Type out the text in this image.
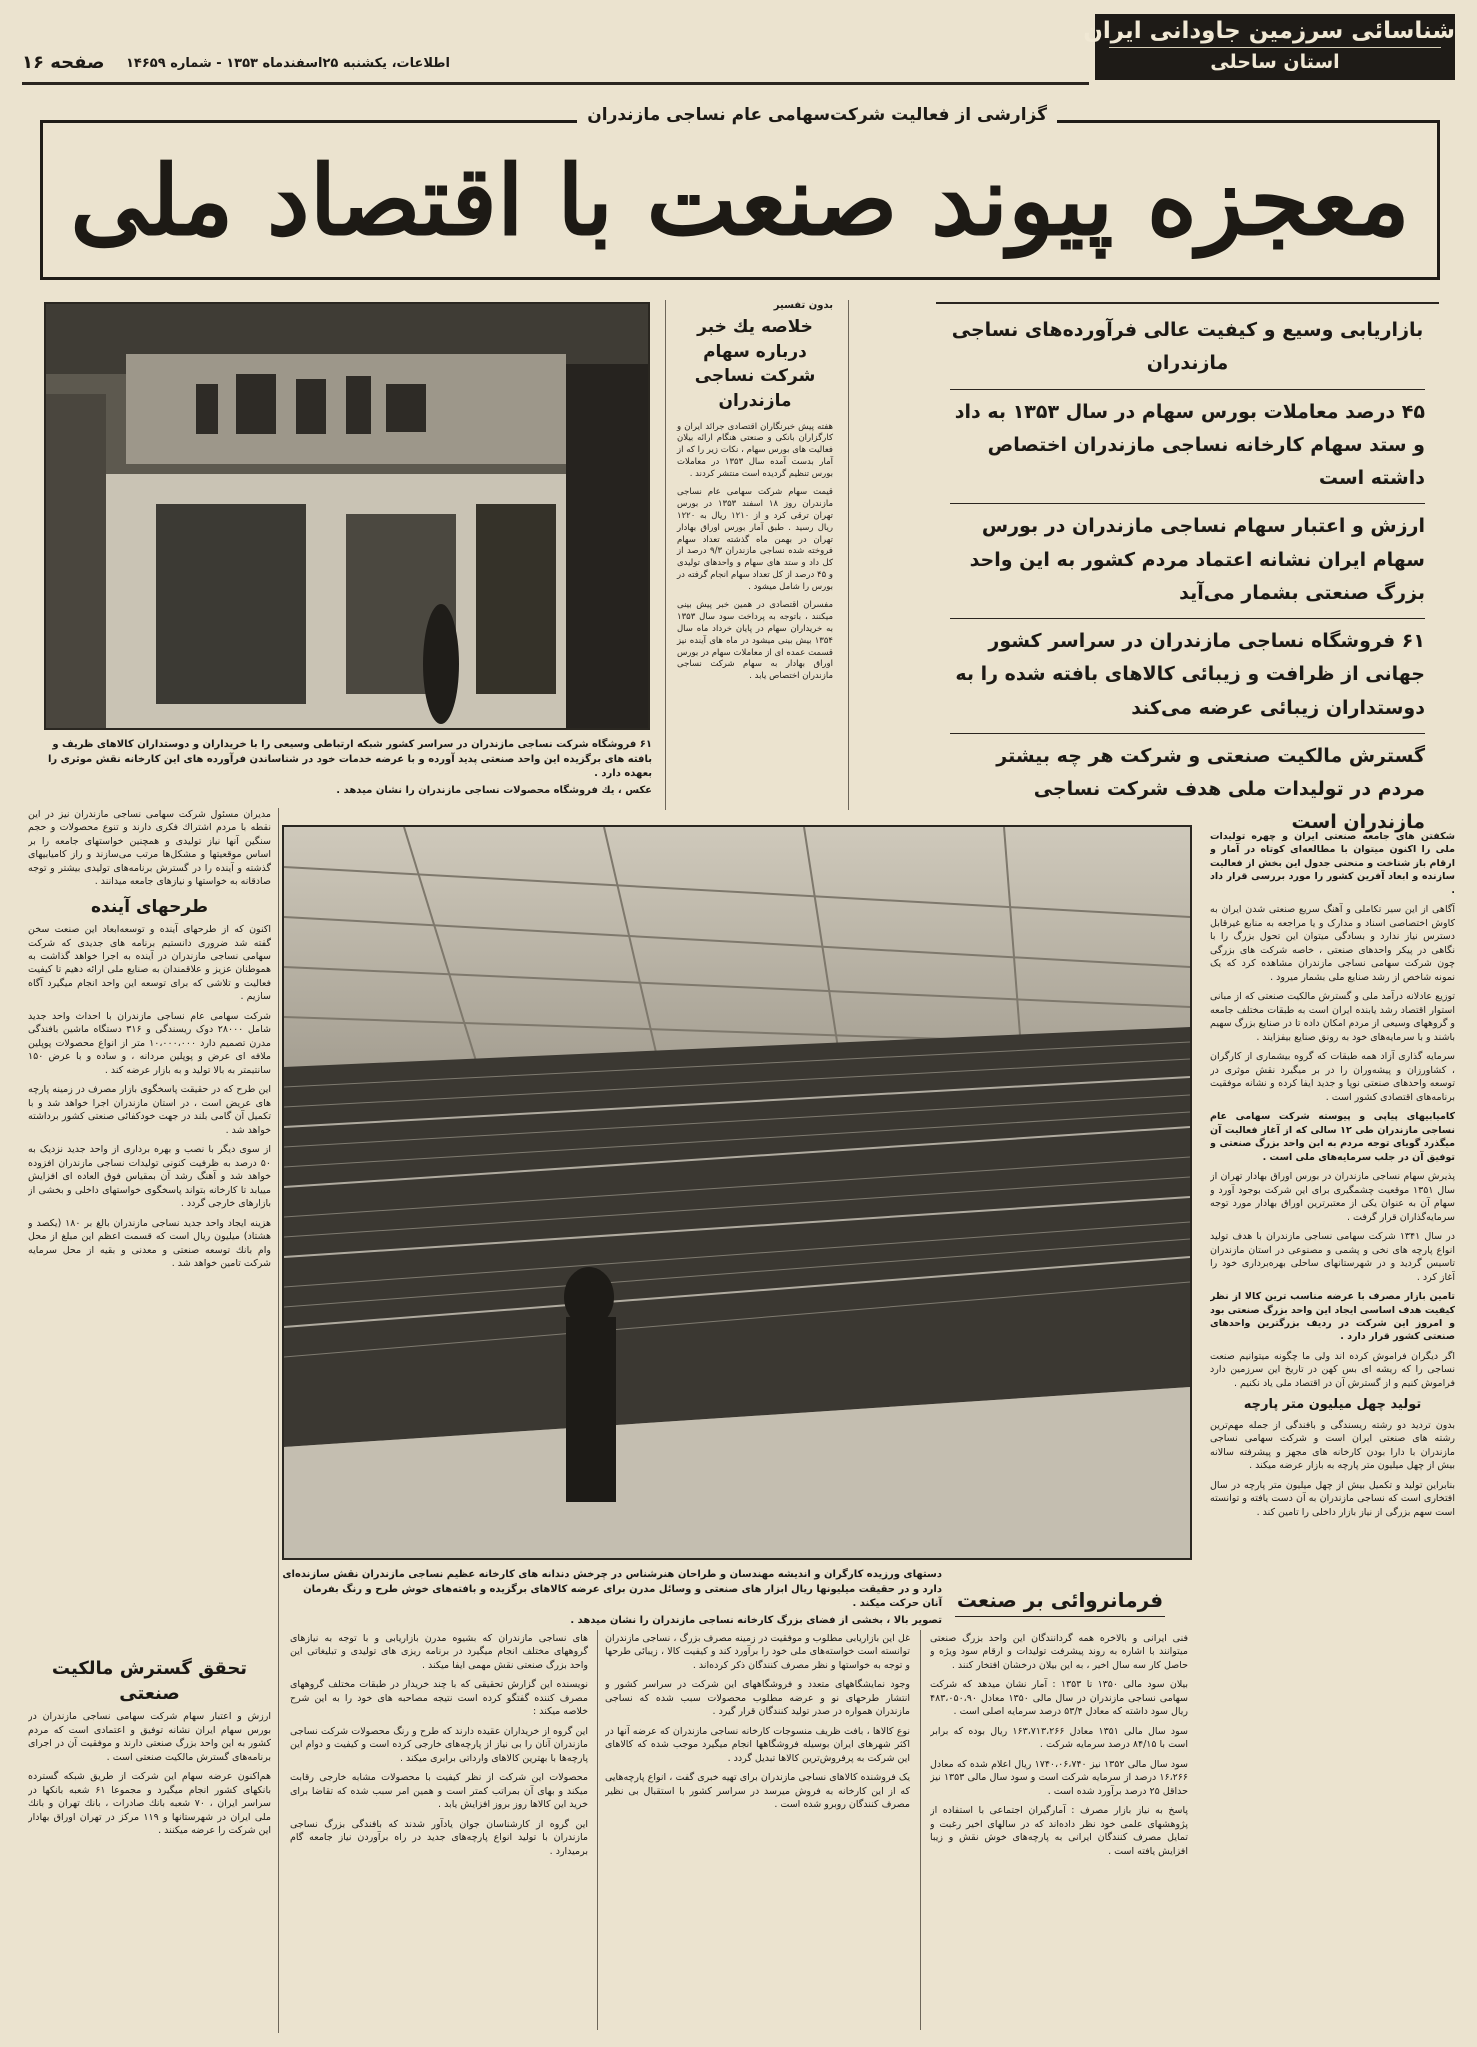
شناسائی سرزمین جاودانی ایران
استان ساحلی
صفحه ۱۶ اطلاعات، یکشنبه ۲۵اسفندماه ۱۳۵۳ - شماره ۱۴۶۵۹
گزارشی از فعالیت شرکت‌سهامی عام نساجی مازندران
معجزه پیوند صنعت با اقتصاد ملی
بدون تفسیر
خلاصه یك خبر درباره سهام شرکت نساجی مازندران

هفته پیش خبرنگاران اقتصادی جرائد ایران و کارگزاران بانکی و صنعتی هنگام ارائه بیلان فعالیت های بورس سهام ، نکات زیر را که از آمار بدست آمده سال ۱۳۵۳ در معاملات بورس تنظیم گردیده است منتشر کردند .

قیمت سهام شرکت سهامی عام نساجی مازندران روز ۱۸ اسفند ۱۳۵۳ در بورس تهران ترقی کرد و از ۱۲۱۰ ریال به ۱۲۲۰ ریال رسید . طبق آمار بورس اوراق بهادار تهران در بهمن ماه گذشته تعداد سهام فروخته شده نساجی مازندران ۹/۳ درصد از کل داد و ستد های سهام و واحدهای تولیدی و ۴۵ درصد از کل تعداد سهام انجام گرفته در بورس را شامل میشود .

مفسران اقتصادی در همین خبر پیش بینی میکنند ، باتوجه به پرداخت سود سال ۱۳۵۳ به خریداران سهام در پایان خرداد ماه سال ۱۳۵۴ بیش بینی میشود در ماه های آینده نیز قسمت عمده ای از معاملات سهام در بورس اوراق بهادار به سهام شرکت نساجی مازندران اختصاص یابد .

بازاریابی وسیع و کیفیت عالی فرآورده‌های نساجی مازندران
۴۵ درصد معاملات بورس سهام در سال ۱۳۵۳ به داد و ستد سهام کارخانه نساجی مازندران اختصاص داشته است
ارزش و اعتبار سهام نساجی مازندران در بورس سهام ایران نشانه اعتماد مردم کشور به این واحد بزرگ صنعتی بشمار می‌آید
۶۱ فروشگاه نساجی مازندران در سراسر کشور جهانی از ظرافت و زیبائی کالاهای بافته شده را به دوستداران زیبائی عرضه می‌کند
گسترش مالکیت صنعتی و شرکت هر چه بیشتر مردم در تولیدات ملی هدف شرکت نساجی مازندران است
۶۱ فروشگاه شرکت نساجی مازندران در سراسر کشور شبکه ارتباطی وسیعی را با خریداران و دوستداران کالاهای ظریف و بافته های برگزیده این واحد صنعتی پدید آورده و با عرضه خدمات خود در شناساندن فرآورده های این کارخانه نقش موثری را بعهده دارد .
عکس ، یك فروشگاه محصولات نساجی مازندران را نشان میدهد .

مدیران مسئول شرکت سهامی نساجی مازندران نیز در این نقطه با مردم اشتراك فكری دارند و تنوع محصولات و حجم سنگین آنها نیاز تولیدی و همچنین خواستهای جامعه را بر اساس موقعیتها و مشكل‌ها مرتب می‌سازند و راز کامیابیهای گذشته و آینده را در گسترش برنامه‌های تولیدی بیشتر و توجه صادقانه به خواستها و نیازهای جامعه میدانند .

طرحهای آینده

اکنون که از طرحهای آینده و توسعه‌ابعاد این صنعت سخن گفته شد ضروری دانستیم برنامه های جدیدی که شرکت سهامی نساجی مازندران در آینده به اجرا خواهد گذاشت به هموطنان عزیز و علاقمندان به صنایع ملی ارائه دهیم تا کیفیت فعالیت و تلاشی که برای توسعه این واحد انجام میگیرد آگاه سازیم .

شرکت سهامی عام نساجی مازندران با احداث واحد جدید شامل ۲۸۰۰۰ دوک ریسندگی و ۳۱۶ دستگاه ماشین بافندگی مدرن تصمیم دارد ۱۰،۰۰۰،۰۰۰ متر از انواع محصولات پوپلین ملافه ای عرض و پوپلین مردانه ، و ساده و با عرض ۱۵۰ سانتیمتر به بالا تولید و به بازار عرضه کند .

این طرح که در حقیقت پاسخگوی بازار مصرف در زمینه پارچه های عریض است ، در استان مازندران اجرا خواهد شد و با تكميل آن گامی بلند در جهت خودکفائی صنعتی کشور برداشته خواهد شد .

از سوی دیگر با نصب و بهره برداری از واحد جدید نزدیک به ۵۰ درصد به ظرفیت کنونی تولیدات نساجی مازندران افزوده خواهد شد و آهنگ رشد آن بمقیاس فوق العاده ای افزایش مییابد تا کارخانه بتواند پاسخگوی خواستهای داخلی و بخشی از بازارهای خارجی گردد .

هزینه ایجاد واحد جدید نساجی مازندران بالغ بر ۱۸۰ (یکصد و هشتاد) میلیون ریال است که قسمت اعظم این مبلغ از محل وام بانك توسعه صنعتی و معدنی و بقیه از محل سرمایه شركت تامین خواهد شد .

تحقق گسترش مالکیت صنعتی

ارزش و اعتبار سهام شرکت سهامی نساجی مازندران در بورس سهام ایران نشانه توفیق و اعتمادی است که مردم کشور به این واحد بزرگ صنعتی دارند و موفقیت آن در اجرای برنامه‌های گسترش مالکیت صنعتی است .

هم‌اکنون عرضه سهام این شرکت از طریق شبکه گسترده بانکهای کشور انجام میگیرد و مجموعا ۶۱ شعبه بانکها در سراسر ایران ، ۷۰ شعبه بانك صادرات ، بانك تهران و بانك ملی ایران در شهرستانها و ۱۱۹ مرکز در تهران اوراق بهادار این شرکت را عرضه میکنند .

دستهای ورزیده کارگران و اندیشه مهندسان و طراحان هنرشناس در چرخش دندانه های کارخانه عظیم نساجی مازندران نقش سازنده‌ای دارد و در حقیقت میلیونها ریال ابزار های صنعتی و وسائل مدرن برای عرضه کالاهای برگزیده و بافته‌های خوش طرح و رنگ بفرمان آنان حرکت میکند .
تصویر بالا ، بخشی از فضای بزرگ کارخانه نساجی مازندران را نشان میدهد .
فرمانروائی بر صنعت

شکفتن های جامعه صنعتی ایران و چهره تولیدات ملی را اکنون میتوان با مطالعه‌ای کوتاه در آمار و ارقام باز شناخت و منحنی جدول این بخش از فعالیت سازنده و ابعاد آفرین کشور را مورد بررسی قرار داد .

آگاهی از این سیر تکاملی و آهنگ سریع صنعتی شدن ایران به کاوش اختصاصی اسناد و مدارک و یا مراجعه به منابع غیرقابل دسترس نیاز ندارد و بسادگی میتوان این تحول بزرگ را با نگاهی در پیکر واحدهای صنعتی ، خاصه شرکت های بزرگی چون شرکت سهامی نساجی مازندران مشاهده کرد که یک نمونه شاخص از رشد صنایع ملی بشمار میرود .

توزیع عادلانه درآمد ملی و گسترش مالکیت صنعتی که از مبانی استوار اقتصاد رشد یابنده ایران است به طبقات مختلف جامعه و گروههای وسیعی از مردم امکان داده تا در صنایع بزرگ سهیم باشند و با سرمایه‌های خود به رونق صنایع بیفزایند .

سرمایه گذاری آزاد همه طبقات که گروه بیشماری از کارگران ، کشاورزان و پیشه‌وران را در بر میگیرد نقش موثری در توسعه واحدهای صنعتی نوپا و جدید ایفا کرده و نشانه موفقیت برنامه‌های اقتصادی کشور است .

کامیابیهای پیاپی و پیوسته شرکت سهامی عام نساجی مازندران طی ۱۲ سالی که از آغاز فعالیت آن میگذرد گویای توجه مردم به این واحد بزرگ صنعتی و توفیق آن در جلب سرمایه‌های ملی است .

پذیرش سهام نساجی مازندران در بورس اوراق بهادار تهران از سال ۱۳۵۱ موقعیت‌ چشمگیری برای این شرکت بوجود آورد و سهام آن به عنوان یکی از معتبرترین اوراق بهادار مورد توجه سرمایه‌گذاران قرار گرفت .

در سال ۱۳۴۱ شرکت سهامی نساجی مازندران با هدف تولید انواع پارچه های نخی و پشمی و مصنوعی در استان مازندران تاسیس گردید و در شهرستانهای ساحلی بهره‌برداری خود را آغاز کرد .

تامین بازار مصرف با عرضه مناسب ترین کالا از نظر کیفیت هدف اساسی ایجاد این واحد بزرگ صنعتی بود و امروز این شرکت در ردیف بزرگترین واحدهای صنعتی کشور قرار دارد .

اگر دیگران فراموش کرده اند ولی ما چگونه میتوانیم صنعت نساجی را که ریشه ای بس کهن در تاریخ این سرزمین دارد فراموش کنیم و از گسترش آن در اقتصاد ملی یاد نکنیم .

تولید چهل میلیون متر پارچه

بدون تردید دو رشته ریسندگی و بافندگی از جمله مهم‌ترین رشته های صنعتی ایران است و شرکت سهامی نساجی مازندران با دارا بودن کارخانه های مجهز و پیشرفته سالانه بیش از چهل میلیون متر پارچه به بازار عرضه میکند .

بنابراین تولید و تکمیل بیش از چهل میلیون متر پارچه در سال افتخاری است که نساجی مازندران به آن دست یافته و توانسته است سهم بزرگی از نیاز بازار داخلی را تامین کند .

فنی ایرانی و بالاخره همه گردانندگان این واحد بزرگ صنعتی میتوانند با اشاره به روند پیشرفت تولیدات و ارقام سود ویژه و حاصل کار سه سال اخیر ، به این بیلان درخشان افتخار کنند .

بیلان سود مالی ۱۳۵۰ تا ۱۳۵۳ : آمار نشان میدهد که شرکت سهامی نساجی مازندران در سال مالی ۱۳۵۰ معادل ۴۸۳،۰۵۰،۹۰ ریال سود داشته که معادل ۵۳/۴ درصد سرمایه اصلی است .

سود سال مالی ۱۳۵۱ معادل ۱۶۳،۷۱۳،۲۶۶ ریال بوده که برابر است با ۸۴/۱۵ درصد سرمایه شرکت .

سود سال مالی ۱۳۵۲ نیز ۱۷۴۰،۰۶،۷۴۰ ریال اعلام شده که معادل ۱۶،۲۶۶ درصد از سرمایه شرکت است و سود سال مالی ۱۳۵۳ نیز حداقل ۲۵ درصد برآورد شده است .

پاسخ به نیاز بازار مصرف : آمارگیران اجتماعی با استفاده از پژوهشهای علمی خود نظر داده‌اند که در سالهای اخیر رغبت و تمایل مصرف کنندگان ایرانی به پارچه‌های خوش نقش و زیبا افزایش یافته است .

غل این بازاریابی مطلوب و موفقیت در زمینه مصرف بزرگ ، نساجی مازندران توانسته است خواسته‌های ملی خود را برآورد کند و کیفیت کالا ، زیبائی طرحها و توجه به خواستها و نظر مصرف کنندگان ذكر كرده‌اند .

وجود نمایشگاههای متعدد و فروشگاههای این شرکت در سراسر کشور و انتشار طرحهای نو و عرضه مطلوب محصولات سبب شده که نساجی مازندران همواره در صدر تولید کنندگان قرار گیرد .

نوع کالاها ، بافت ظریف منسوجات کارخانه نساجی مازندران که عرضه آنها در اکثر شهرهای ایران بوسیله فروشگاهها انجام میگیرد موجب شده که کالاهای این شرکت به پرفروش‌ترین کالاها تبدیل گردد .

یک فروشنده کالاهای نساجی مازندران برای تهیه خبری گفت ، انواع پارچه‌هایی که از این کارخانه به فروش میرسد در سراسر کشور با استقبال بی نظیر مصرف کنندگان روبرو شده است .

های نساجی مازندران که بشیوه مدرن بازاریابی و با توجه به نیازهای گروههای مختلف انجام میگیرد در برنامه ریزی های تولیدی و تبلیغاتی این واحد بزرگ صنعتی نقش مهمی ایفا میکند .

نویسنده این گزارش تحقیقی که با چند خریدار در طبقات مختلف گروههای مصرف کننده گفتگو کرده است نتیجه مصاحبه های خود را به این شرح خلاصه میکند :

این گروه از خریداران عقیده دارند که طرح و رنگ محصولات شرکت نساجی مازندران آنان را بی نیاز از پارچه‌های خارجی کرده است و کیفیت و دوام این پارچه‌ها با بهترین کالاهای وارداتی برابری میکند .

محصولات این شرکت از نظر کیفیت با محصولات مشابه خارجی رقابت میکند و بهای آن بمراتب کمتر است و همین امر سبب شده که تقاضا برای خرید این کالاها روز بروز افزایش یابد .

این گروه از کارشناسان جوان یادآور شدند که بافندگی بزرگ نساجی مازندران با تولید انواع پارچه‌های جدید در راه برآوردن نیاز جامعه گام برمیدارد .
